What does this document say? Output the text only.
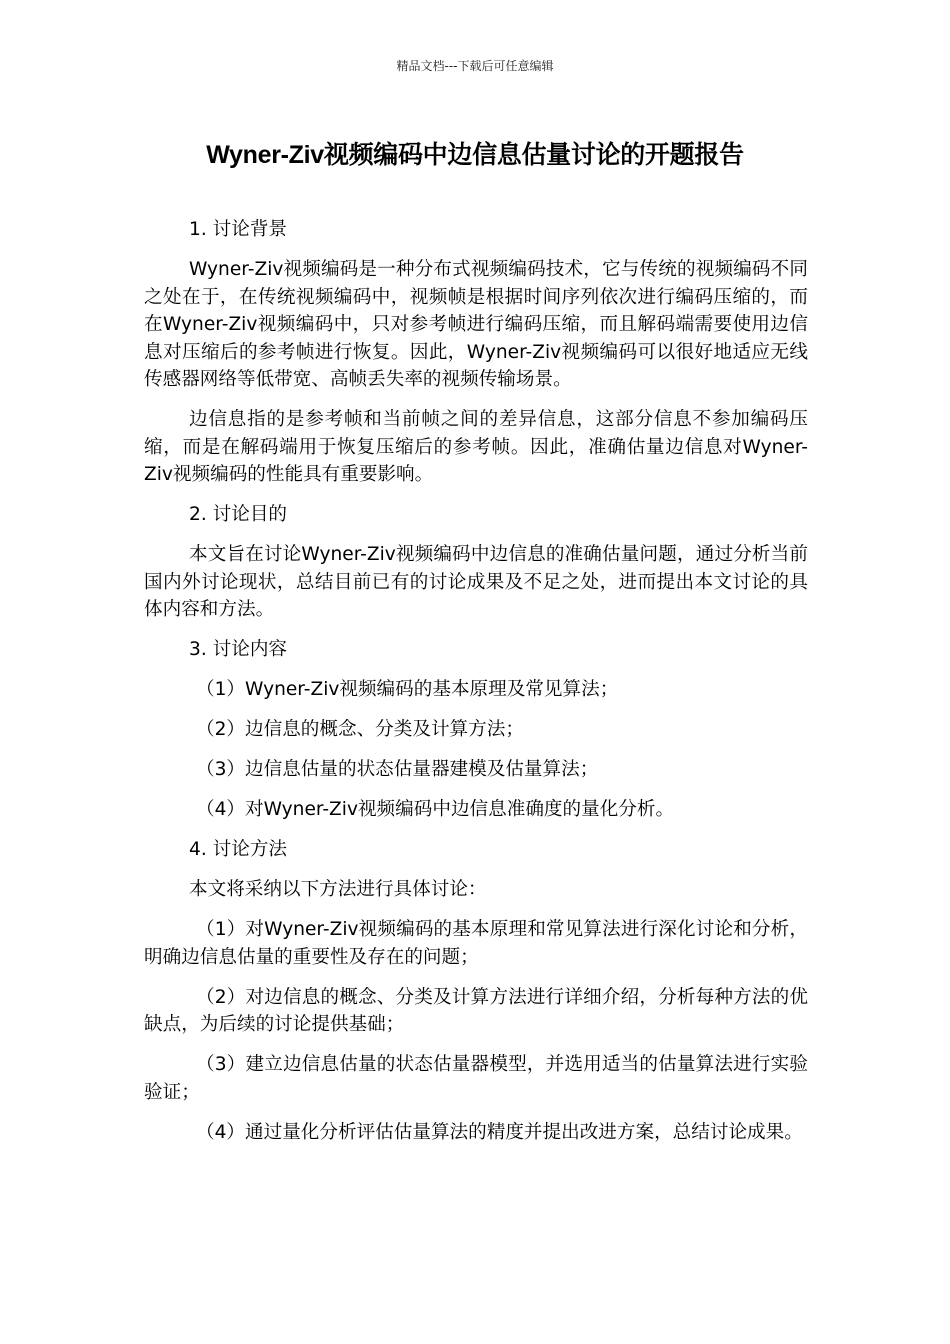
精品文档---下载后可任意编辑
Wyner-Ziv视频编码中边信息估量讨论的开题报告

1. 讨论背景

Wyner-Ziv视频编码是一种分布式视频编码技术，它与传统的视频编码不同之处在于，在传统视频编码中，视频帧是根据时间序列依次进行编码压缩的，而在Wyner-Ziv视频编码中，只对参考帧进行编码压缩，而且解码端需要使用边信息对压缩后的参考帧进行恢复。因此，Wyner-Ziv视频编码可以很好地适应无线传感器网络等低带宽、高帧丢失率的视频传输场景。

边信息指的是参考帧和当前帧之间的差异信息，这部分信息不参加编码压缩，而是在解码端用于恢复压缩后的参考帧。因此，准确估量边信息对Wyner-Ziv视频编码的性能具有重要影响。

2. 讨论目的

本文旨在讨论Wyner-Ziv视频编码中边信息的准确估量问题，通过分析当前国内外讨论现状，总结目前已有的讨论成果及不足之处，进而提出本文讨论的具体内容和方法。

3. 讨论内容

（1）Wyner-Ziv视频编码的基本原理及常见算法；

（2）边信息的概念、分类及计算方法；

（3）边信息估量的状态估量器建模及估量算法；

（4）对Wyner-Ziv视频编码中边信息准确度的量化分析。

4. 讨论方法

本文将采纳以下方法进行具体讨论：

（1）对Wyner-Ziv视频编码的基本原理和常见算法进行深化讨论和分析，明确边信息估量的重要性及存在的问题；

（2）对边信息的概念、分类及计算方法进行详细介绍，分析每种方法的优缺点，为后续的讨论提供基础；

（3）建立边信息估量的状态估量器模型，并选用适当的估量算法进行实验验证；

（4）通过量化分析评估估量算法的精度并提出改进方案，总结讨论成果。
